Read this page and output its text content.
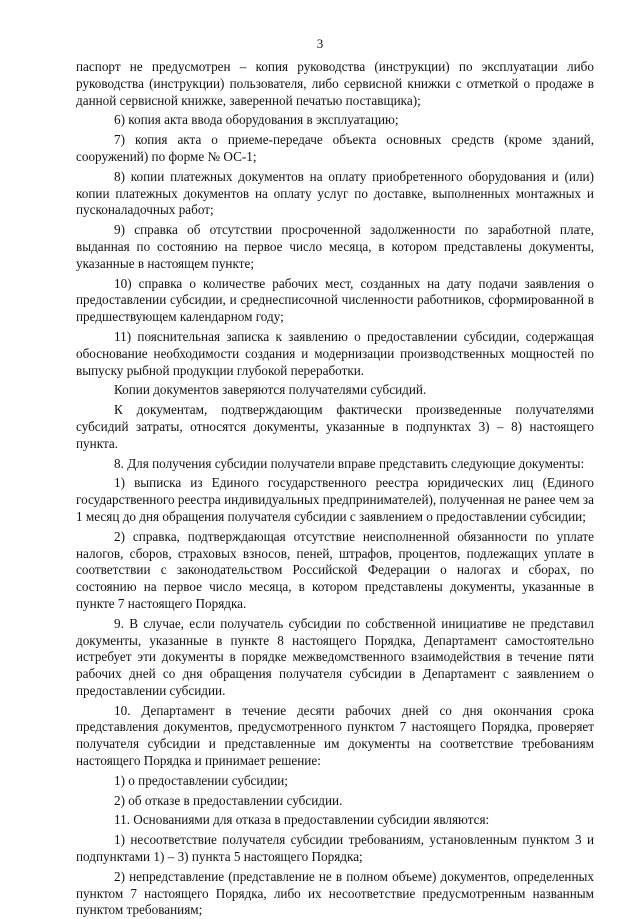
3

паспорт не предусмотрен – копия руководства (инструкции) по эксплуатации либо руководства (инструкции) пользователя, либо сервисной книжки с отметкой о продаже в данной сервисной книжке, заверенной печатью поставщика);

6) копия акта ввода оборудования в эксплуатацию;

7) копия акта о приеме-передаче объекта основных средств (кроме зданий, сооружений) по форме № ОС-1;

8) копии платежных документов на оплату приобретенного оборудования и (или) копии платежных документов на оплату услуг по доставке, выполненных монтажных и пусконаладочных работ;

9) справка об отсутствии просроченной задолженности по заработной плате, выданная по состоянию на первое число месяца, в котором представлены документы, указанные в настоящем пункте;

10) справка о количестве рабочих мест, созданных на дату подачи заявления о предоставлении субсидии, и среднесписочной численности работников, сформированной в предшествующем календарном году;

11) пояснительная записка к заявлению о предоставлении субсидии, содержащая обоснование необходимости создания и модернизации производственных мощностей по выпуску рыбной продукции глубокой переработки.

Копии документов заверяются получателями субсидий.

К документам, подтверждающим фактически произведенные получателями субсидий затраты, относятся документы, указанные в подпунктах 3) – 8) настоящего пункта.

8. Для получения субсидии получатели вправе представить следующие документы:

1) выписка из Единого государственного реестра юридических лиц (Единого государственного реестра индивидуальных предпринимателей), полученная не ранее чем за 1 месяц до дня обращения получателя субсидии с заявлением о предоставлении субсидии;

2) справка, подтверждающая отсутствие неисполненной обязанности по уплате налогов, сборов, страховых взносов, пеней, штрафов, процентов, подлежащих уплате в соответствии с законодательством Российской Федерации о налогах и сборах, по состоянию на первое число месяца, в котором представлены документы, указанные в пункте 7 настоящего Порядка.

9. В случае, если получатель субсидии по собственной инициативе не представил документы, указанные в пункте 8 настоящего Порядка, Департамент самостоятельно истребует эти документы в порядке межведомственного взаимодействия в течение пяти рабочих дней со дня обращения получателя субсидии в Департамент с заявлением о предоставлении субсидии.

10. Департамент в течение десяти рабочих дней со дня окончания срока представления документов, предусмотренного пунктом 7 настоящего Порядка, проверяет получателя субсидии и представленные им документы на соответствие требованиям настоящего Порядка и принимает решение:

1) о предоставлении субсидии;

2) об отказе в предоставлении субсидии.

11. Основаниями для отказа в предоставлении субсидии являются:

1) несоответствие получателя субсидии требованиям, установленным пунктом 3 и подпунктами 1) – 3) пункта 5 настоящего Порядка;

2) непредставление (представление не в полном объеме) документов, определенных пунктом 7 настоящего Порядка, либо их несоответствие предусмотренным названным пунктом требованиям;
